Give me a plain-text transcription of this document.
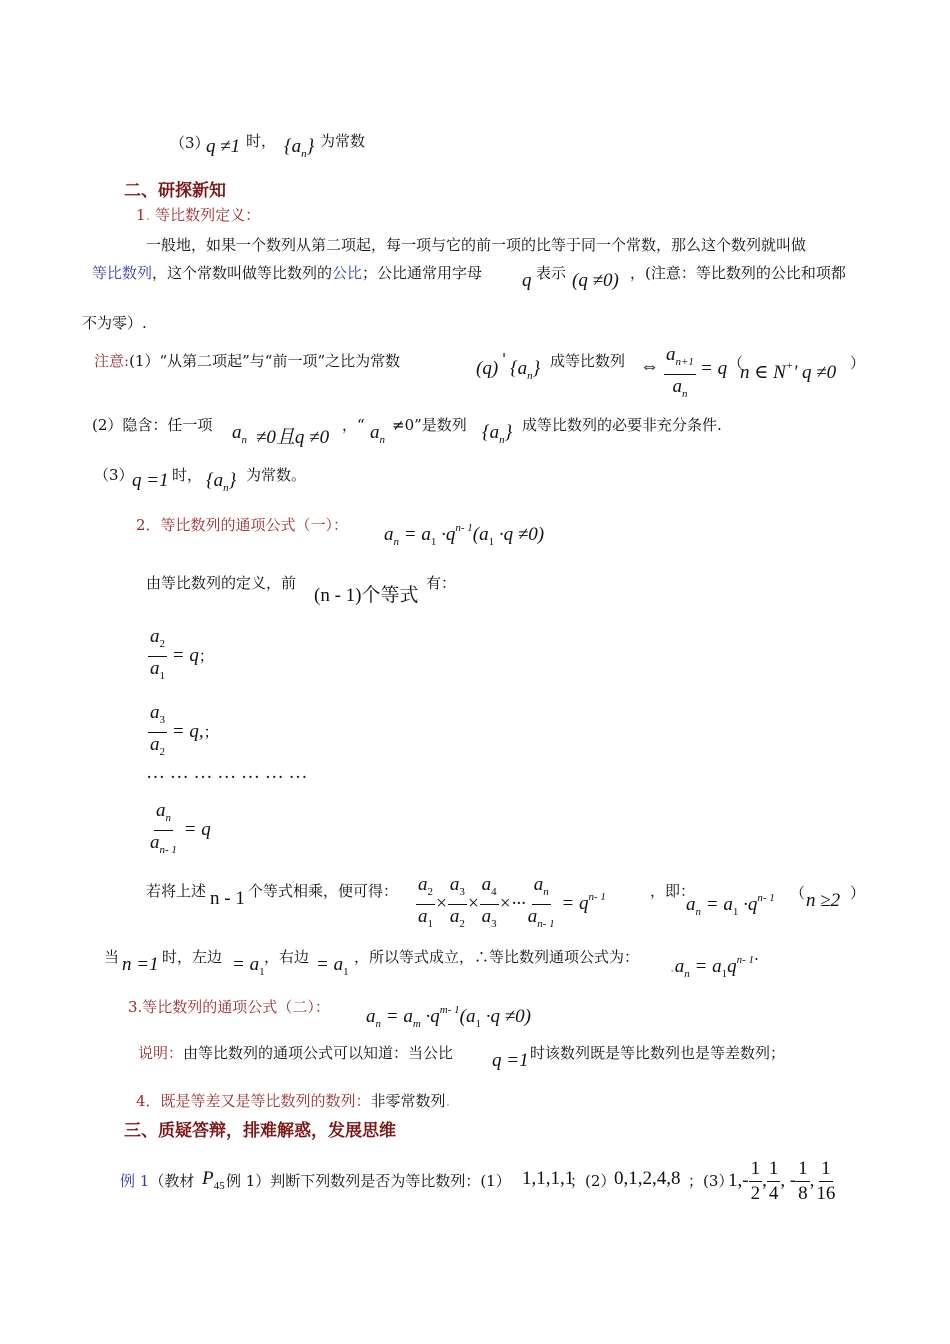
（3）
q ≠1 时， $\{a_n\}$ 为常数
二、研探新知
1. 等比数列定义：
一般地，如果一个数列从第二项起，每一项与它的前一项的比等于同一个常数，那么这个数列就叫做
等比数列，这个常数叫做等比数列的公比；公比通常用字母 q 表示 (q ≠0) ，(注意：等比数列的公比和项都
不为零）.
注意:(1）“从第二项起”与“前一项”之比为常数	(q) ' $\{a_n\}$ 成等比数列 ⇔ $\frac{a_{n+1}}{a_n} = q$ （
n ∈ N+' q ≠0 ）
(2）隐含：任一项 $a_n \ne 0$且q ≠0
，“ $a_n$
≠0”是数列 $\{a_n\}$ 成等比数列的必要非充分条件.
（3）
q =1 时， $\{a_n\}$ 为常数。
2．等比数列的通项公式（一）： $a_n = a_1 \cdot q^{n- 1}(a_1 \cdot q \ne 0)$
由等比数列的定义，前
(n - 1)个等式
有：
$\frac{a_2}{a_1} = q$；
$\frac{a_3}{a_2} = q$,；
… … … … … … …
$\frac{a_n}{a_{n- 1}} = q$
若将上述 n - 1 个等式相乘，便可得： $\frac{a_2}{a_1} \times \frac{a_3}{a_2} \times \frac{a_4}{a_3}$ ×··· $\frac{a_n}{a_{n- 1}} = q^{n- 1}$	，即：
$a_n = a_1 \cdot q^{n- 1}$ （ n ≥2 ）
当 n =1 时，左边 = $a_1$
，右边 = $a_1$
，所以等式成立，∴等比数列通项公式为： $.a_n = a_1q^{n- 1}$ .
3.等比数列的通项公式（二）： $a_n = a_m \cdot q^{m- 1}(a_1 \cdot q \ne 0)$
说明：由等比数列的通项公式可以知道：当公比 q =1 时该数列既是等比数列也是等差数列；
4．既是等差又是等比数列的数列：非零常数列.
三、质疑答辩，排难解惑，发展思维
例 1（教材 $P_{45}$ 例 1）判断下列数列是否为等比数列：(1） 1,1,1,1
；(2）
0,1,2,4,8 ；(3）
$1,- \frac{1}{2}$ , $\frac{1}{4}$ , - $\frac{1}{8}$ , $\frac{1}{16}$
